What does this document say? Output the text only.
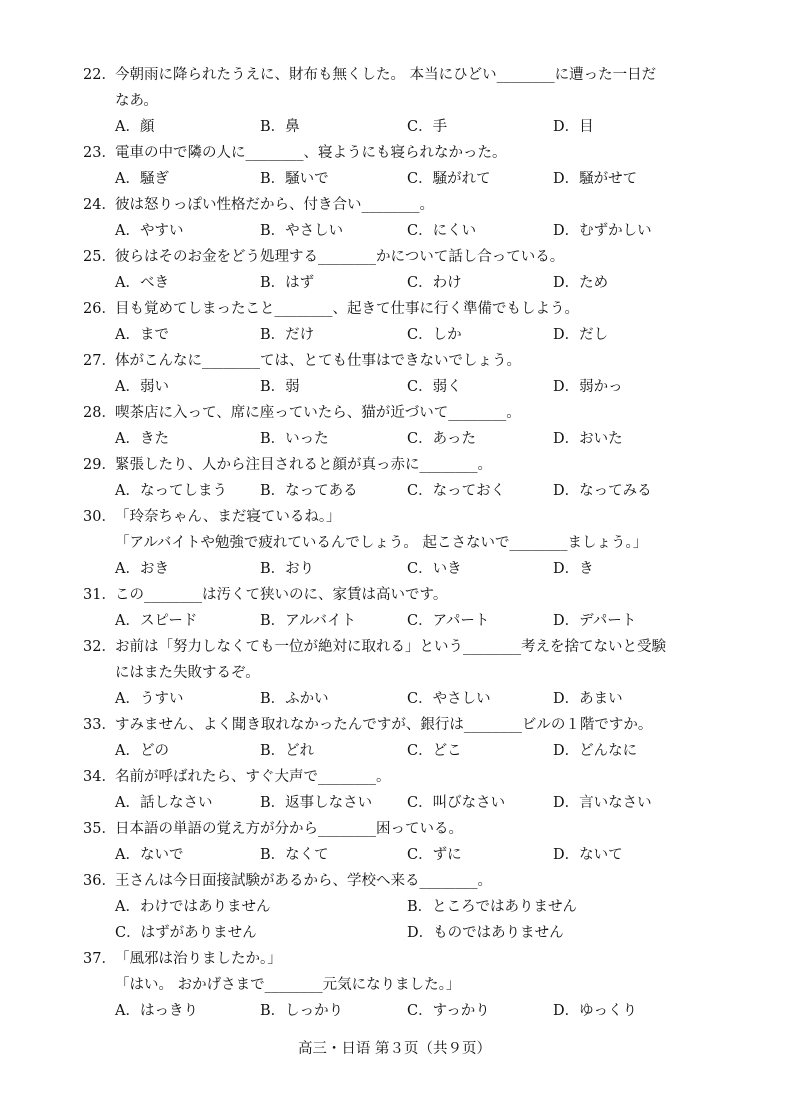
22． 今朝雨に降られたうえに、財布も無くした。 本当にひどい________に遭った一日だ
なあ。
A．顔	B．鼻	C．手	D．目
23． 電車の中で隣の人に________、寝ようにも寝られなかった。
A．騒ぎ	B．騒いで	C．騒がれて	D．騒がせて
24． 彼は怒りっぽい性格だから、付き合い________。
A．やすい	B．やさしい	C．にくい	D．むずかしい
25． 彼らはそのお金をどう処理する________かについて話し合っている。
A．べき	B．はず	C．わけ	D．ため
26． 目も覚めてしまったこと________、起きて仕事に行く準備でもしよう。
A．まで	B．だけ	C．しか	D．だし
27． 体がこんなに________ては、とても仕事はできないでしょう。
A．弱い	B．弱	C．弱く	D．弱かっ
28． 喫茶店に入って、席に座っていたら、猫が近づいて________。
A．きた	B．いった	C．あった	D．おいた
29． 緊張したり、人から注目されると顔が真っ赤に________。
A．なってしまう B．なってある	C．なっておく	D．なってみる
30． 「玲奈ちゃん、まだ寝ているね。」
「アルバイトや勉強で疲れているんでしょう。 起こさないで________ましょう。」
A．おき	B．おり	C．いき	D．き
31． この________は汚くて狭いのに、家賃は高いです。
A．スピード	B．アルバイト	C．アパート	D．デパート
32． お前は「努力しなくても一位が絶対に取れる」という________考えを捨てないと受験
にはまた失敗するぞ。
A．うすい	B．ふかい	C．やさしい	D．あまい
33． すみません、よく聞き取れなかったんですが、銀行は________ビルの１階ですか。
A．どの	B．どれ	C．どこ	D．どんなに
34． 名前が呼ばれたら、すぐ大声で________。
A．話しなさい	B．返事しなさい C．叫びなさい	D．言いなさい
35． 日本語の単語の覚え方が分から________困っている。
A．ないで	B．なくて	C．ずに	D．ないて
36． 王さんは今日面接試験があるから、学校へ来る________。
A．わけではありません	B．ところではありません
C．はずがありません	D．ものではありません
37． 「風邪は治りましたか。」
「はい。 おかげさまで________元気になりました。」
A．はっきり	B．しっかり	C．すっかり	D．ゆっくり
高三・日语 第３页（共９页）
